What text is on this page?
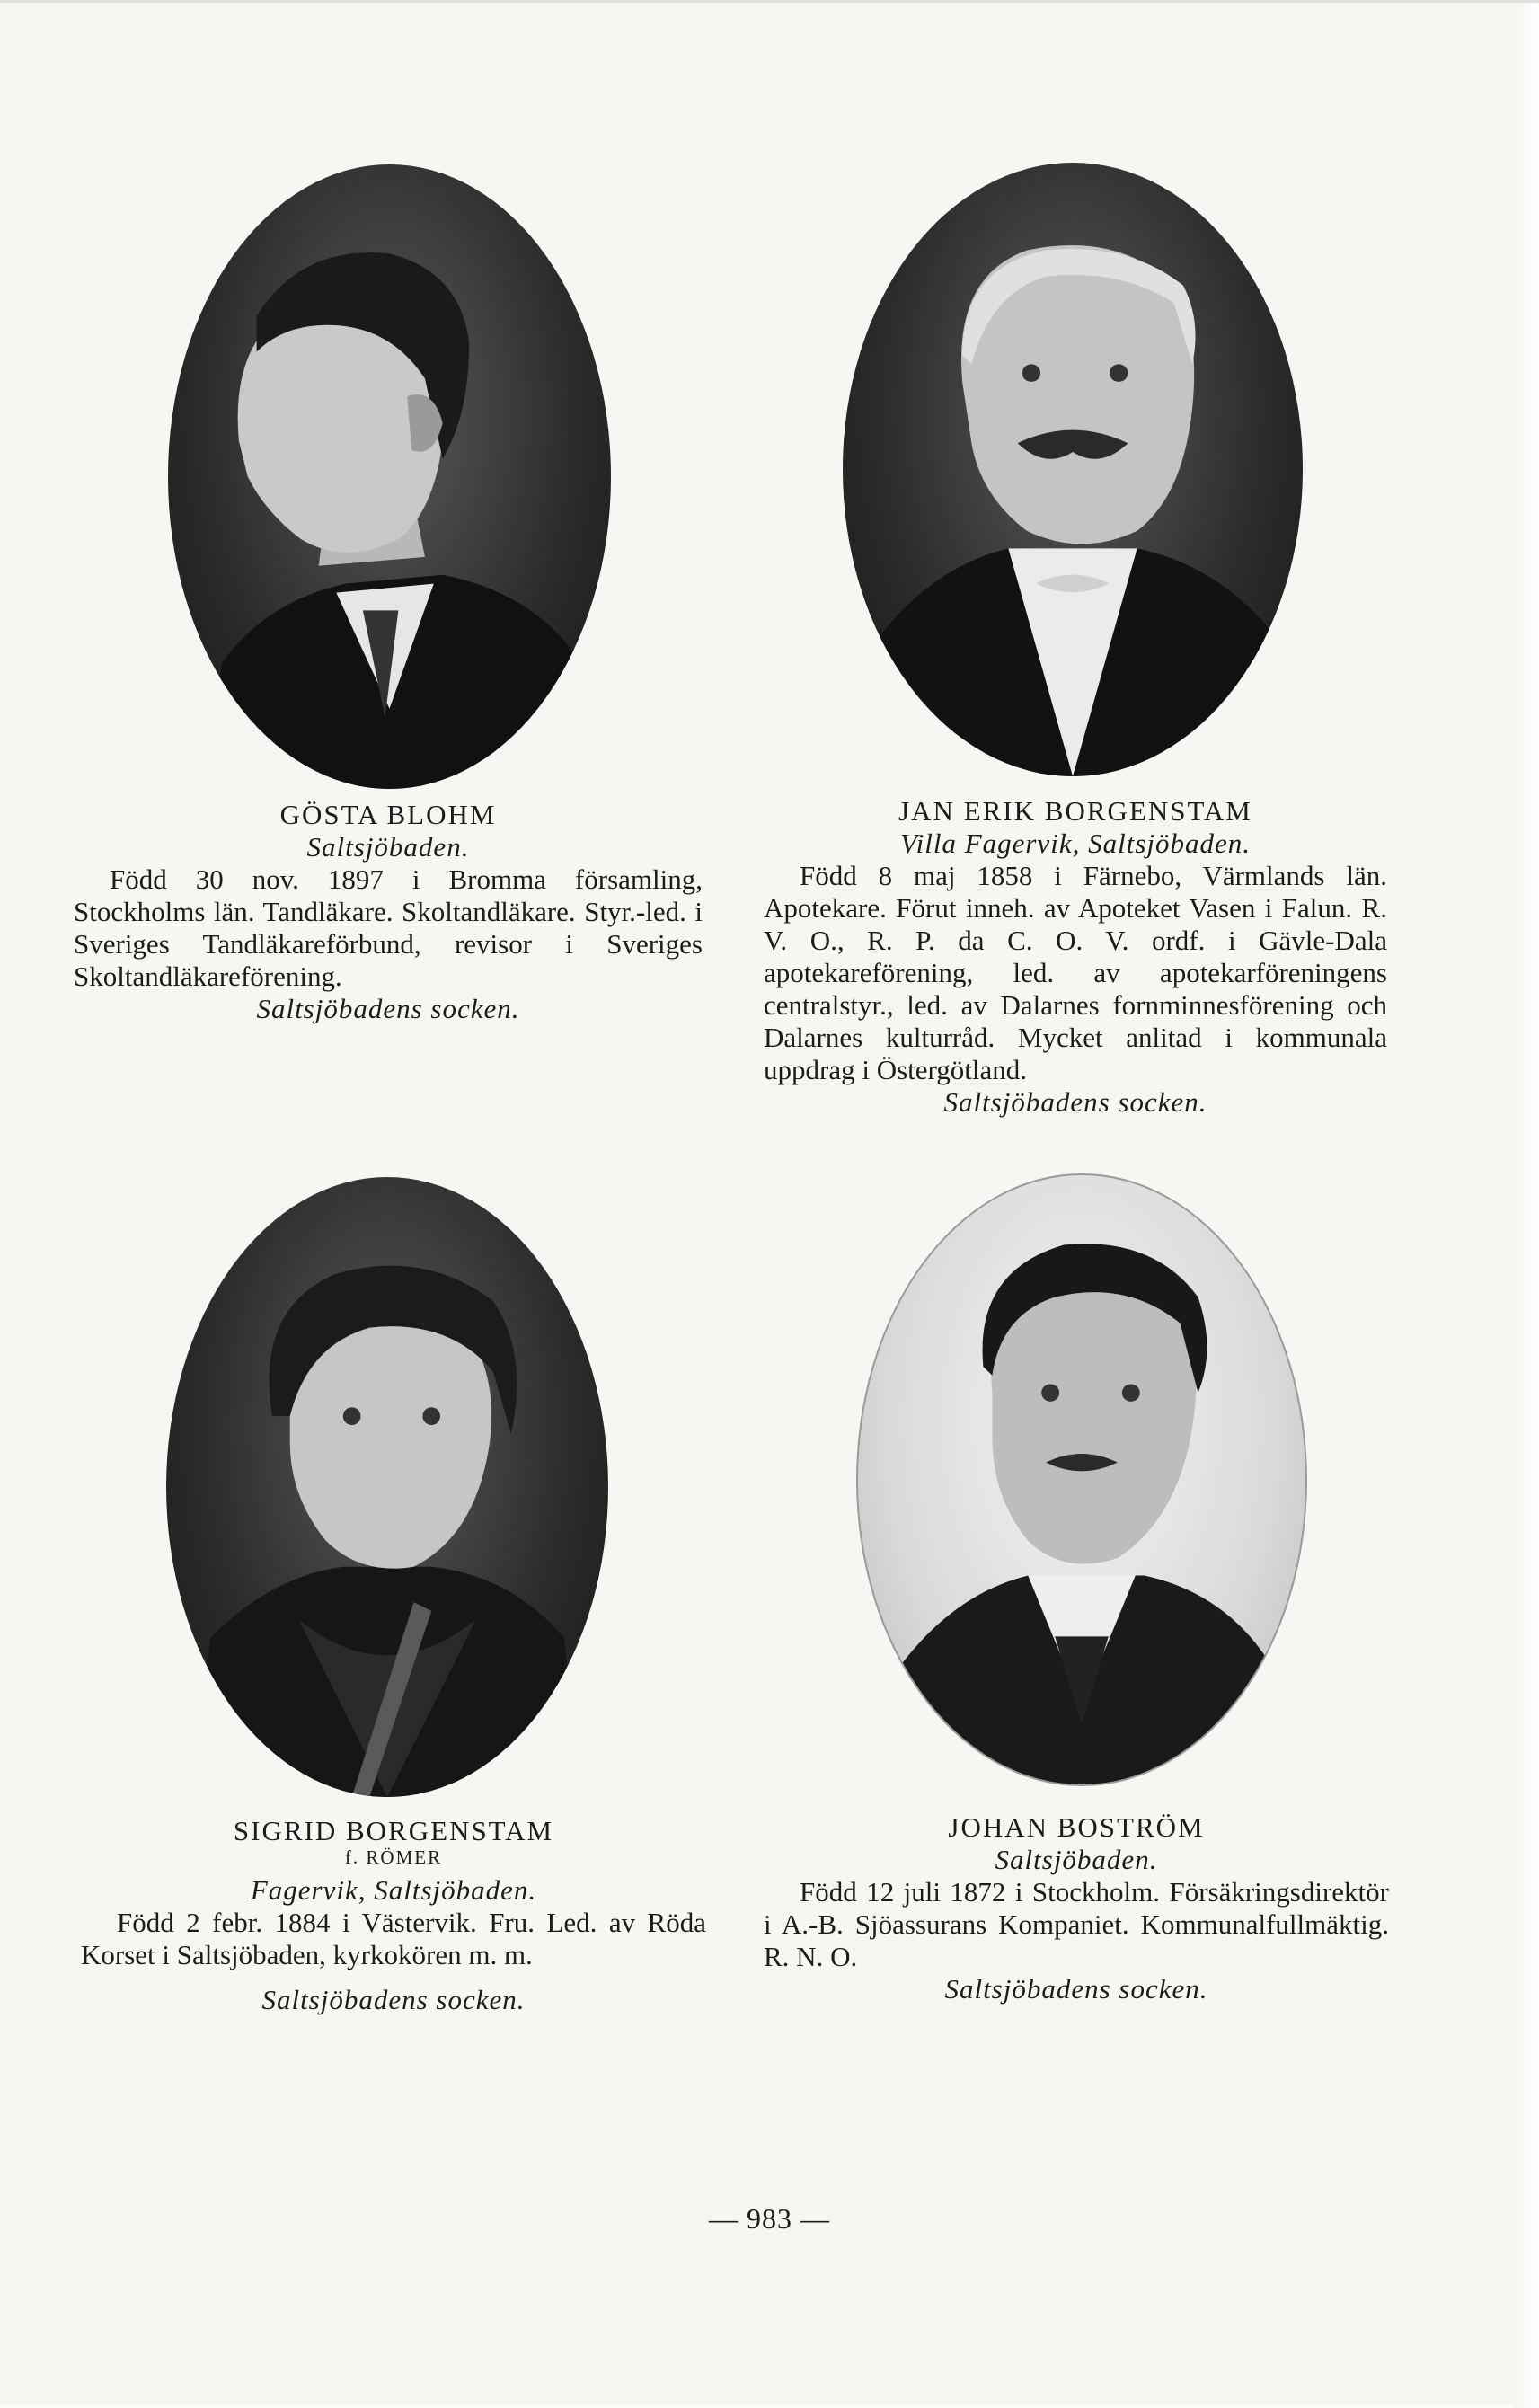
GÖSTA BLOHM
Saltsjöbaden.
Född 30 nov. 1897 i Bromma församling, Stockholms län. Tandläkare. Skoltandläkare. Styr.-led. i Sveriges Tandläkareförbund, revisor i Sveriges Skoltandläkareförening.
Saltsjöbadens socken.
JAN ERIK BORGENSTAM
Villa Fagervik, Saltsjöbaden.
Född 8 maj 1858 i Färnebo, Värmlands län. Apotekare. Förut inneh. av Apoteket Vasen i Falun. R. V. O., R. P. da C. O. V. ordf. i Gävle-Dala apotekareförening, led. av apotekarföreningens centralstyr., led. av Dalarnes fornminnesförening och Dalarnes kulturråd. Mycket anlitad i kommunala uppdrag i Östergötland.
Saltsjöbadens socken.
SIGRID BORGENSTAM
f. RÖMER
Fagervik, Saltsjöbaden.
Född 2 febr. 1884 i Västervik. Fru. Led. av Röda Korset i Saltsjöbaden, kyrkokören m. m.
Saltsjöbadens socken.
JOHAN BOSTRÖM
Saltsjöbaden.
Född 12 juli 1872 i Stockholm. Försäkringsdirektör i A.-B. Sjöassurans Kompaniet. Kommunalfullmäktig. R. N. O.
Saltsjöbadens socken.
— 983 —
